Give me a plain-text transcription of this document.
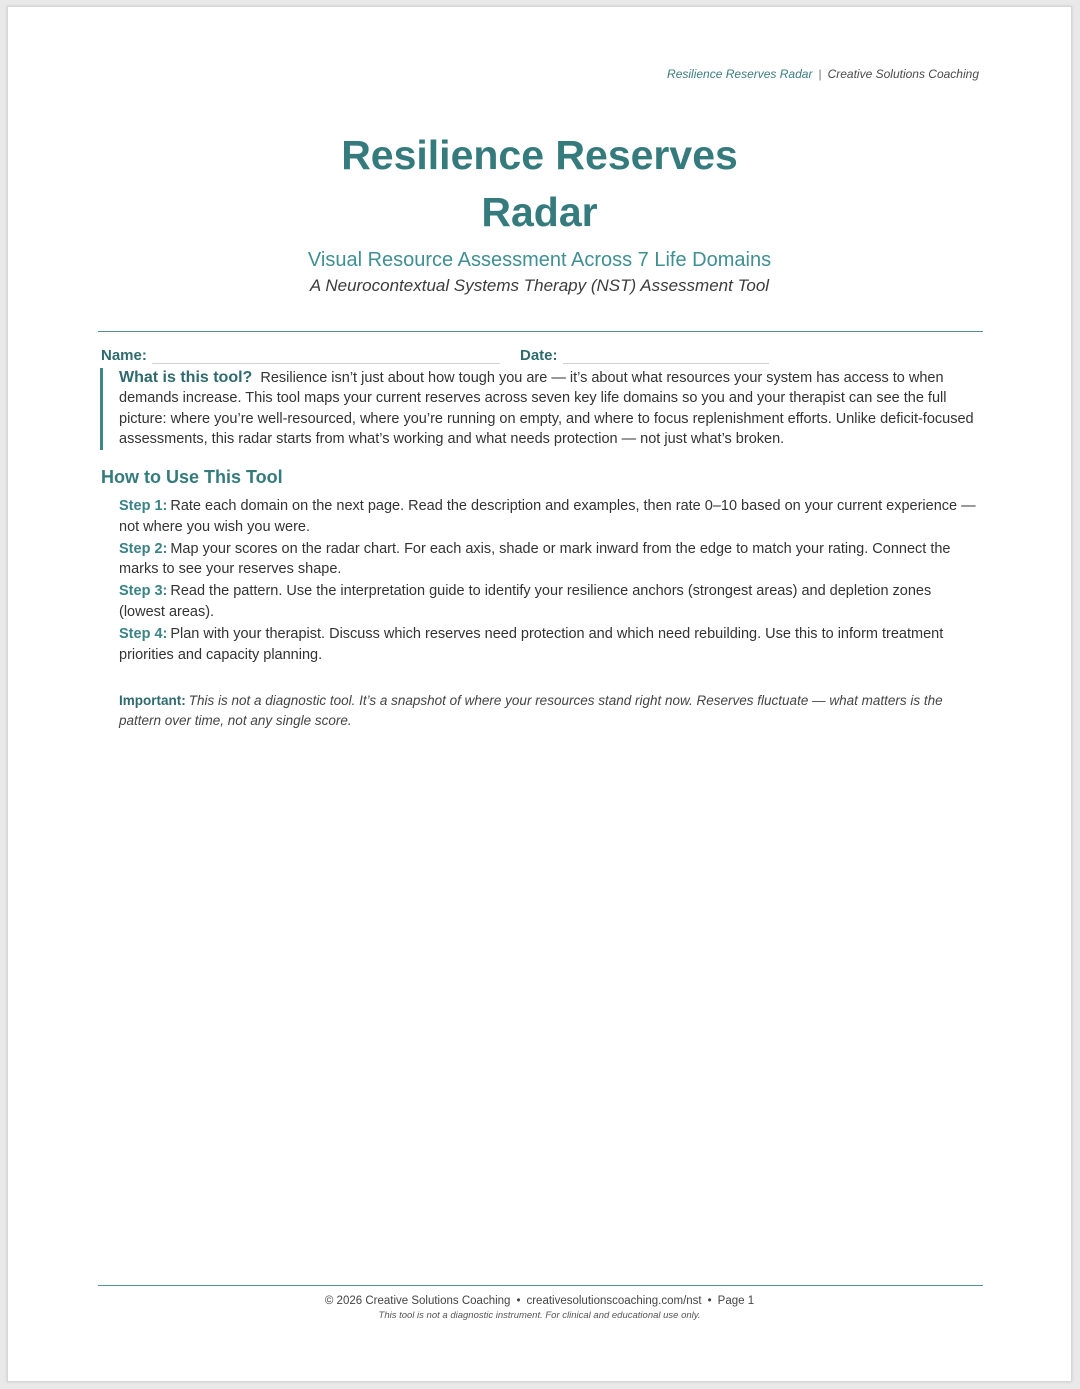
Resilience Reserves Radar | Creative Solutions Coaching
Resilience Reserves
Radar
Visual Resource Assessment Across 7 Life Domains
A Neurocontextual Systems Therapy (NST) Assessment Tool
Name:	Date:
What is this tool? Resilience isn’t just about how tough you are — it’s about what resources your system has access to when demands increase. This tool maps your current reserves across seven key life domains so you and your therapist can see the full picture: where you’re well-resourced, where you’re running on empty, and where to focus replenishment efforts. Unlike deficit-focused assessments, this radar starts from what’s working and what needs protection — not just what’s broken.
How to Use This Tool
Step 1: Rate each domain on the next page. Read the description and examples, then rate 0–10 based on your current experience — not where you wish you were.
Step 2: Map your scores on the radar chart. For each axis, shade or mark inward from the edge to match your rating. Connect the marks to see your reserves shape.
Step 3: Read the pattern. Use the interpretation guide to identify your resilience anchors (strongest areas) and depletion zones (lowest areas).
Step 4: Plan with your therapist. Discuss which reserves need protection and which need rebuilding. Use this to inform treatment priorities and capacity planning.
Important: This is not a diagnostic tool. It’s a snapshot of where your resources stand right now. Reserves fluctuate — what matters is the pattern over time, not any single score.
© 2026 Creative Solutions Coaching • creativesolutionscoaching.com/nst • Page 1
This tool is not a diagnostic instrument. For clinical and educational use only.
